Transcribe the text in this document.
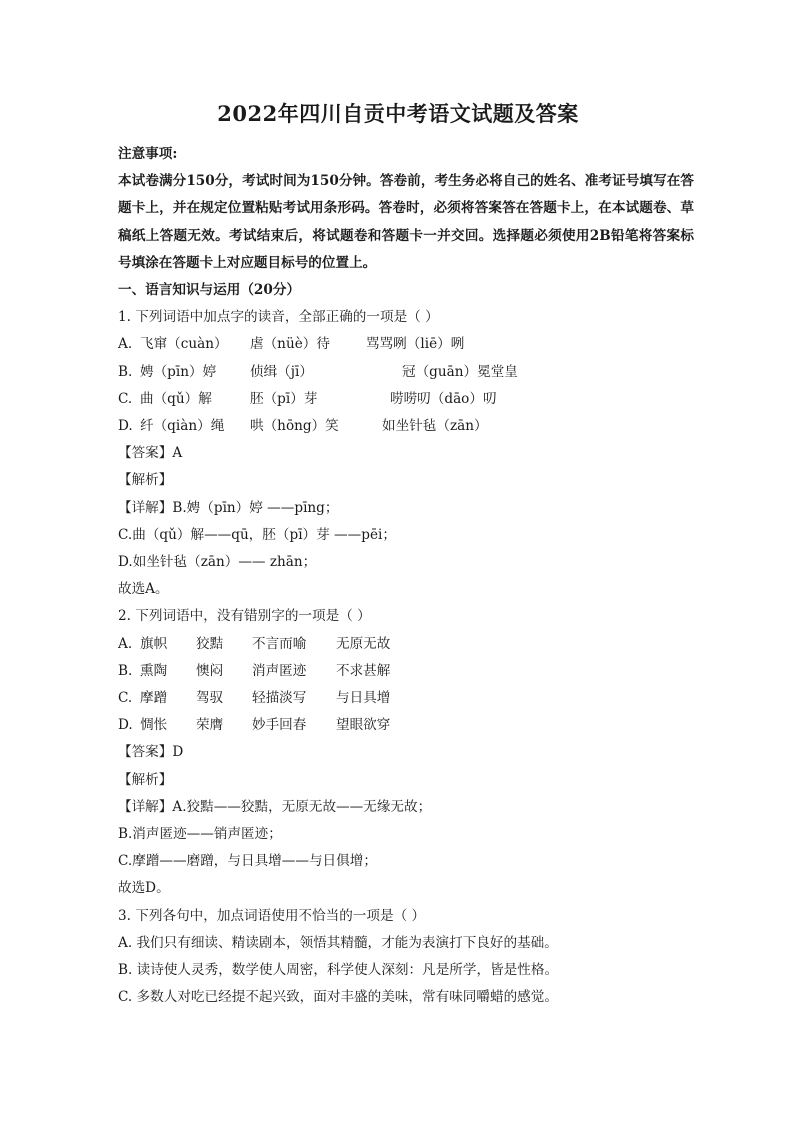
2022年四川自贡中考语文试题及答案
注意事项:
本试卷满分150分，考试时间为150分钟。答卷前，考生务必将自己的姓名、准考证号填写在答题卡上，并在规定位置粘贴考试用条形码。答卷时，必须将答案答在答题卡上，在本试题卷、草稿纸上答题无效。考试结束后，将试题卷和答题卡一并交回。选择题必须使用2B铅笔将答案标号填涂在答题卡上对应题目标号的位置上。
一、语言知识与运用（20分）
1. 下列词语中加点字的读音，全部正确的一项是（ ）
A. 飞窜（cuàn）	虐（nüè）待	骂骂咧（liē）咧
B. 娉（pīn）婷	侦缉（jī）	冠（guān）冕堂皇
C. 曲（qǔ）解	胚（pī）芽	唠唠叨（dāo）叨
D. 纤（qiàn）绳	哄（hōng）笑	如坐针毡（zān）
【答案】A
【解析】
【详解】B.娉（pīn）婷 ——pīng；
C.曲（qǔ）解——qū，胚（pī）芽 ——pēi；
D.如坐针毡（zān）—— zhān；
故选A。
2. 下列词语中，没有错别字的一项是（ ）
A. 旗帜	狡黠	不言而喻	无原无故
B. 熏陶	懊闷	消声匿迹	不求甚解
C. 摩蹭	驾驭	轻描淡写	与日具增
D. 惆怅	荣膺	妙手回春	望眼欲穿
【答案】D
【解析】
【详解】A.狡黠——狡黠，无原无故——无缘无故；
B.消声匿迹——销声匿迹；
C.摩蹭——磨蹭，与日具增——与日俱增；
故选D。
3. 下列各句中，加点词语使用不恰当的一项是（ ）
A. 我们只有细读、精读剧本，领悟其精髓，才能为表演打下良好的基础。
B. 读诗使人灵秀，数学使人周密，科学使人深刻：凡是所学，皆是性格。
C. 多数人对吃已经提不起兴致，面对丰盛的美味，常有味同嚼蜡的感觉。
